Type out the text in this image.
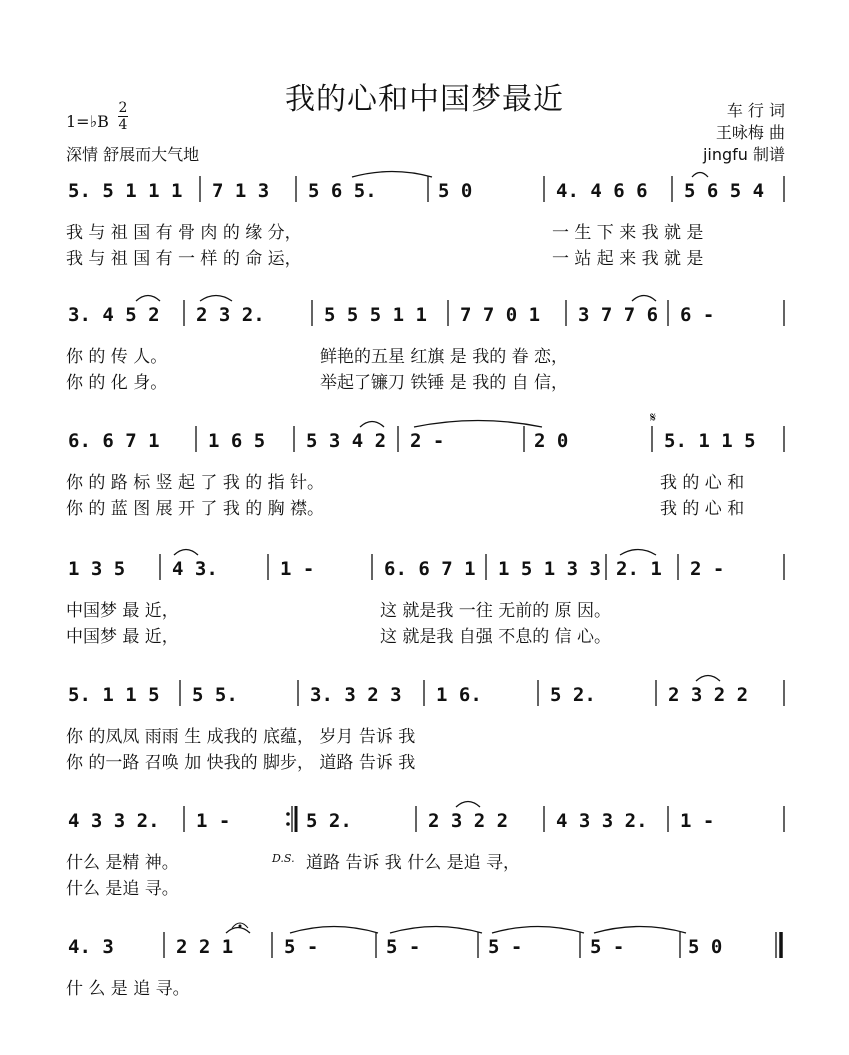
我的心和中国梦最近
1=♭B
2
4
深情 舒展而大气地
车 行 词
王咏梅 曲
jingfu 制谱
5. 5 1 1 1 7 1 3 5 6 5.	5 0	4. 4 6 6 5 6 5 4
我 与 祖 国 有 骨 肉 的 缘 分，	一 生 下 来 我 就 是
我 与 祖 国 有 一 样 的 命 运，	一 站 起 来 我 就 是
3. 4 5 2 2 3 2.	5 5 5 1 1 7 7 0 1 3 7 7 6 6 -
你 的 传 人。	鲜艳的五星 红旗 是 我的 眷 恋，
你 的 化 身。	举起了镰刀 铁锤 是 我的 自 信，
6. 6 7 1	1 6 5 5 3 4 2 2 -	2 0	5. 1 1 5
你 的 路 标 竖 起 了 我 的 指 针。	我 的 心 和
你 的 蓝 图 展 开 了 我 的 胸 襟。	我 的 心 和
1 3 5 4 3.	1 -	6. 6 7 1 1 5 1 3 3 2. 1 2 -
中国梦 最 近，	这 就是我 一往 无前的 原 因。
中国梦 最 近，	这 就是我 自强 不息的 信 心。
5. 1 1 5 5 5.	3. 3 2 3 1 6.	5 2.	2 3 2 2
你 的凤凤 雨雨 生 成我的 底蕴， 岁月 告诉 我
你 的一路 召唤 加 快我的 脚步， 道路 告诉 我
4 3 3 2. 1 -	5 2.	2 3 2 2	4 3 3 2. 1 -
什么 是精 神。	D.S. 道路 告诉 我 什么 是追 寻，
什么 是追 寻。
4. 3	2 2 1	5 -	5 -	5 -	5 -	5 0
什 么 是 追 寻。
𝄋
